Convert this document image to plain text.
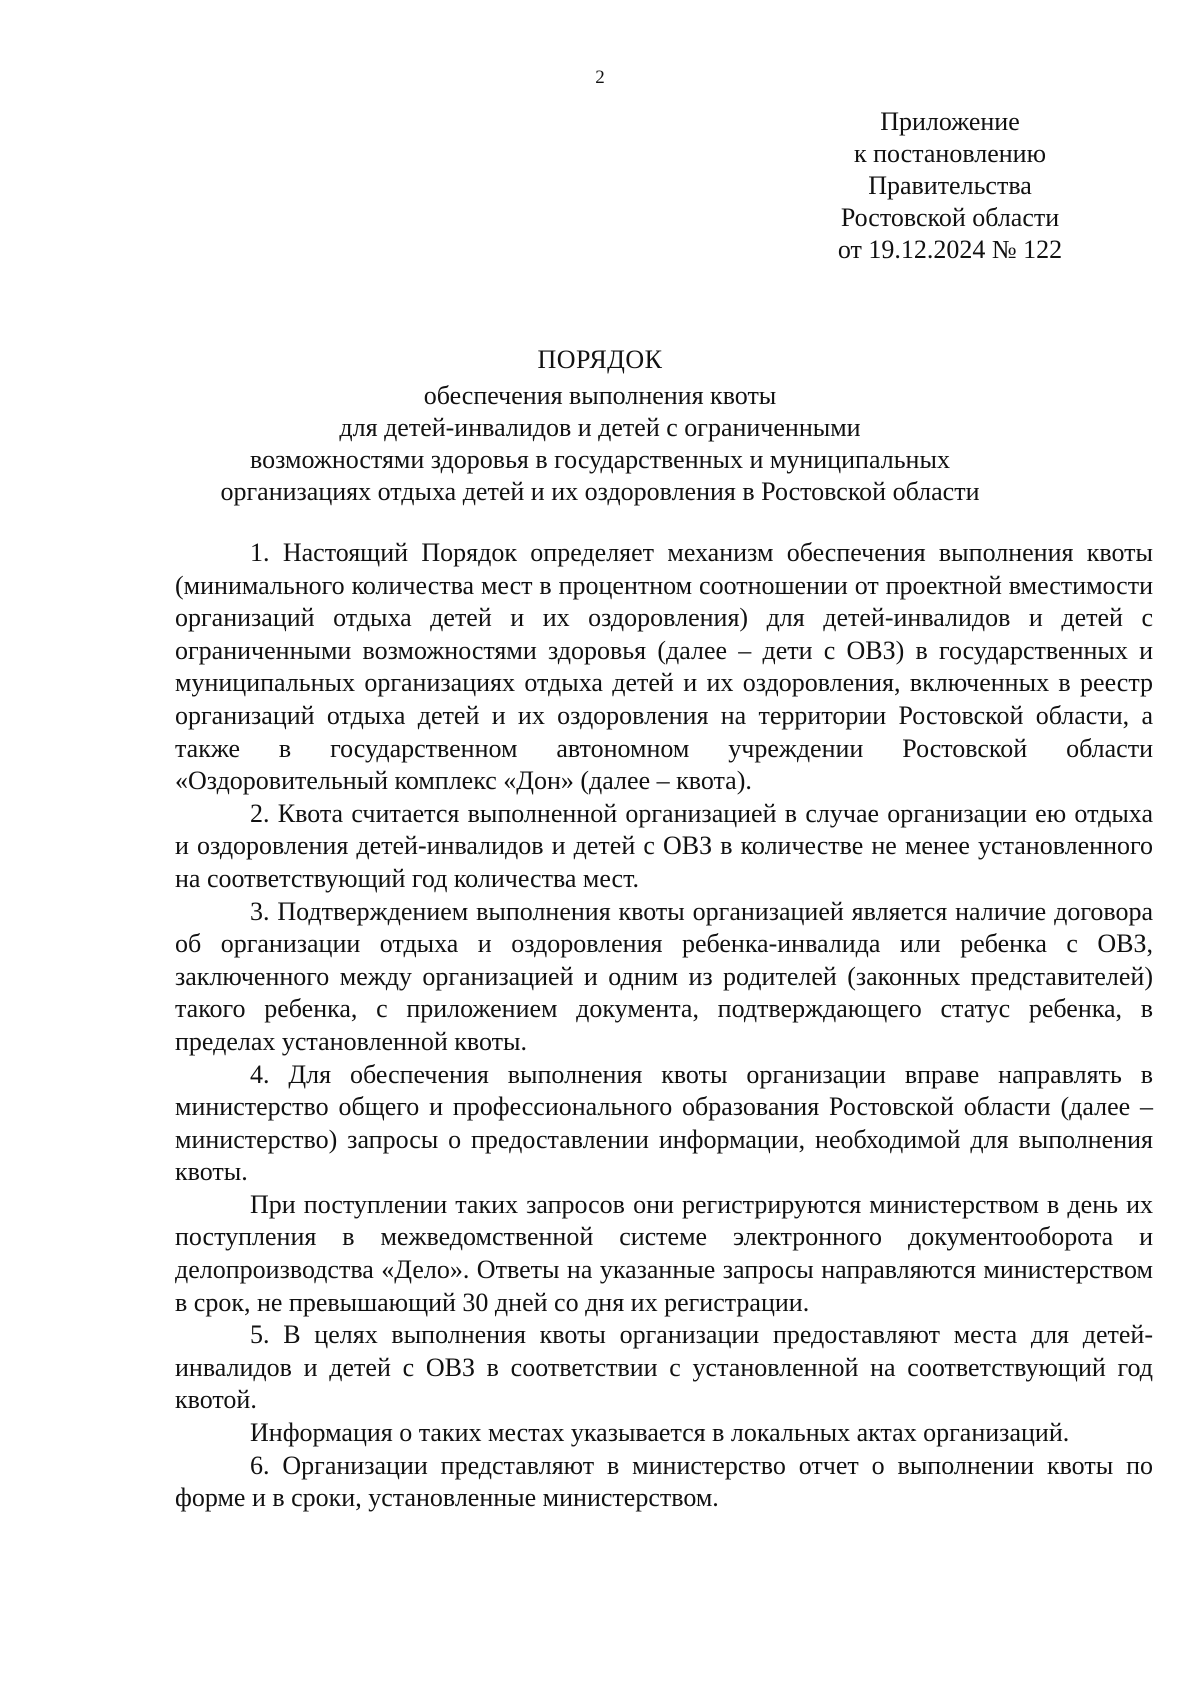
2
Приложение
к постановлению
Правительства
Ростовской области
от 19.12.2024 № 122
ПОРЯДОК
обеспечения выполнения квоты
для детей-инвалидов и детей с ограниченными
возможностями здоровья в государственных и муниципальных
организациях отдыха детей и их оздоровления в Ростовской области

1. Настоящий Порядок определяет механизм обеспечения выполнения квоты (минимального количества мест в процентном соотношении от проектной вместимости организаций отдыха детей и их оздоровления) для детей-инвалидов и детей с ограниченными возможностями здоровья (далее – дети с ОВЗ) в государственных и муниципальных организациях отдыха детей и их оздоровления, включенных в реестр организаций отдыха детей и их оздоровления на территории Ростовской области, а также в государственном автономном учреждении Ростовской области «Оздоровительный комплекс «Дон» (далее – квота).

2. Квота считается выполненной организацией в случае организации ею отдыха и оздоровления детей-инвалидов и детей с ОВЗ в количестве не менее установленного на соответствующий год количества мест.

3. Подтверждением выполнения квоты организацией является наличие договора об организации отдыха и оздоровления ребенка-инвалида или ребенка с ОВЗ, заключенного между организацией и одним из родителей (законных представителей) такого ребенка, с приложением документа, подтверждающего статус ребенка, в пределах установленной квоты.

4. Для обеспечения выполнения квоты организации вправе направлять в министерство общего и профессионального образования Ростовской области (далее – министерство) запросы о предоставлении информации, необходимой для выполнения квоты.

При поступлении таких запросов они регистрируются министерством в день их поступления в межведомственной системе электронного документооборота и делопроизводства «Дело». Ответы на указанные запросы направляются министерством в срок, не превышающий 30 дней со дня их регистрации.

5. В целях выполнения квоты организации предоставляют места для детей-инвалидов и детей с ОВЗ в соответствии с установленной на соответствующий год квотой.

Информация о таких местах указывается в локальных актах организаций.

6. Организации представляют в министерство отчет о выполнении квоты по форме и в сроки, установленные министерством.
